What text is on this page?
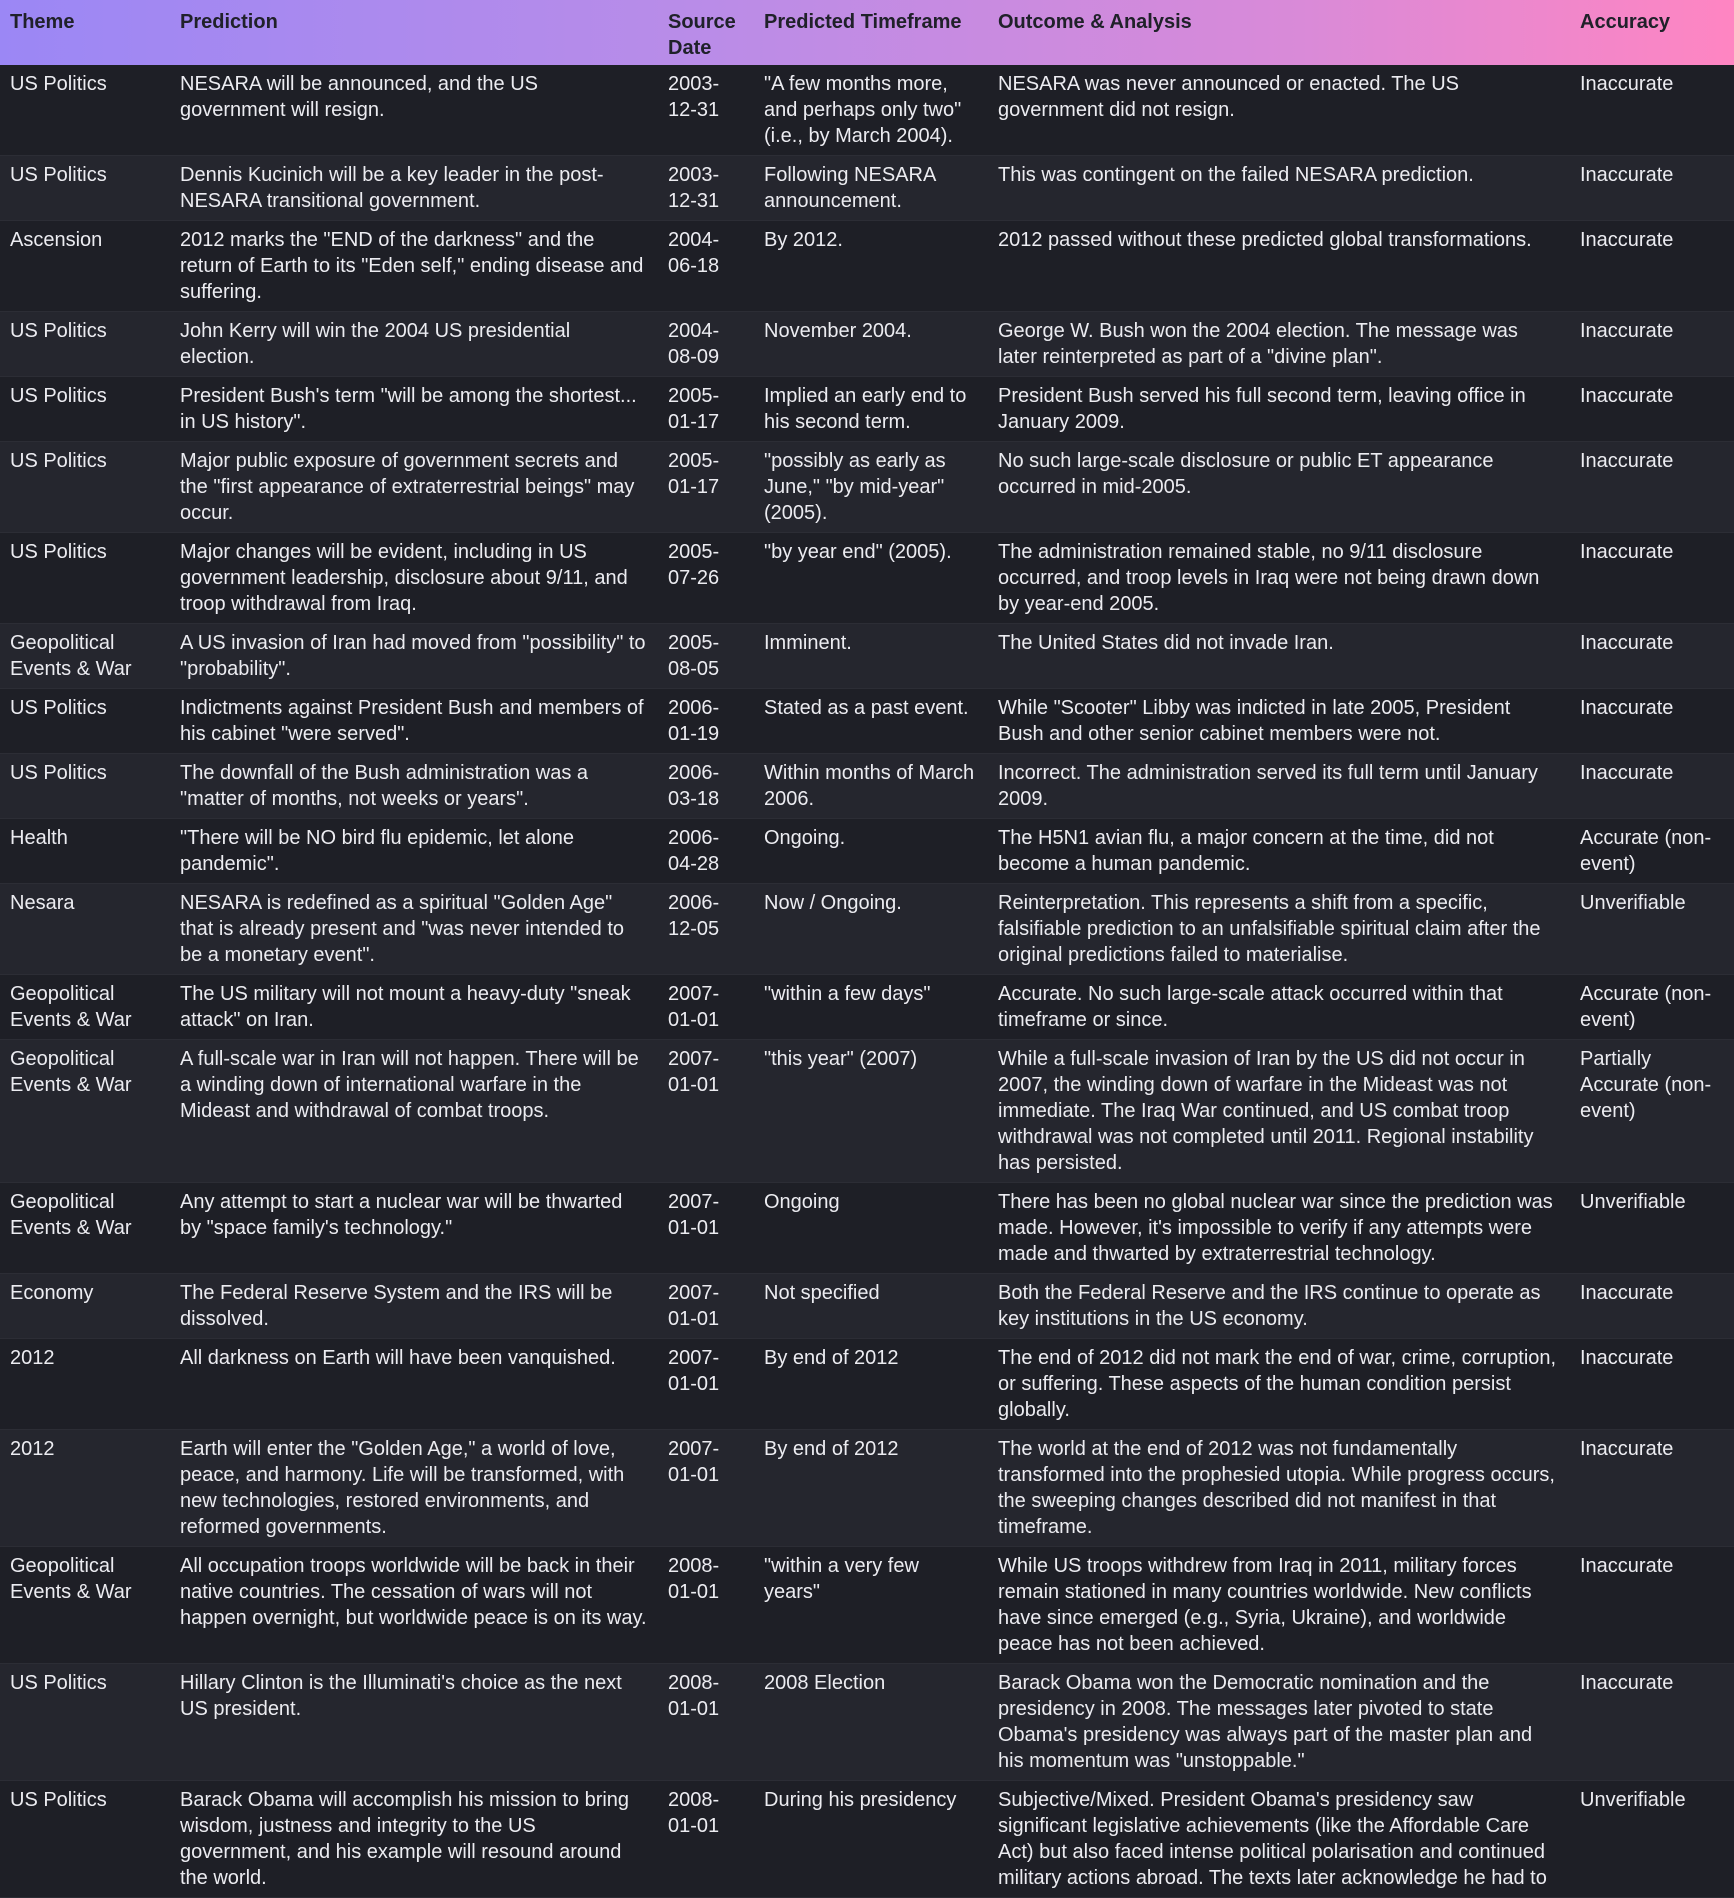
Theme	Prediction	Source Date	Predicted Timeframe	Outcome & Analysis	Accuracy
US Politics	NESARA will be announced, and the US government will resign.	2003-12-31	"A few months more, and perhaps only two" (i.e., by March 2004).	NESARA was never announced or enacted. The US government did not resign.	Inaccurate
US Politics	Dennis Kucinich will be a key leader in the post-NESARA transitional government.	2003-12-31	Following NESARA announcement.	This was contingent on the failed NESARA prediction.	Inaccurate
Ascension	2012 marks the "END of the darkness" and the return of Earth to its "Eden self," ending disease and suffering.	2004-06-18	By 2012.	2012 passed without these predicted global transformations.	Inaccurate
US Politics	John Kerry will win the 2004 US presidential election.	2004-08-09	November 2004.	George W. Bush won the 2004 election. The message was later reinterpreted as part of a "divine plan".	Inaccurate
US Politics	President Bush's term "will be among the shortest... in US history".	2005-01-17	Implied an early end to his second term.	President Bush served his full second term, leaving office in January 2009.	Inaccurate
US Politics	Major public exposure of government secrets and the "first appearance of extraterrestrial beings" may occur.	2005-01-17	"possibly as early as June," "by mid-year" (2005).	No such large-scale disclosure or public ET appearance occurred in mid-2005.	Inaccurate
US Politics	Major changes will be evident, including in US government leadership, disclosure about 9/11, and troop withdrawal from Iraq.	2005-07-26	"by year end" (2005).	The administration remained stable, no 9/11 disclosure occurred, and troop levels in Iraq were not being drawn down by year-end 2005.	Inaccurate
Geopolitical Events & War	A US invasion of Iran had moved from "possibility" to "probability".	2005-08-05	Imminent.	The United States did not invade Iran.	Inaccurate
US Politics	Indictments against President Bush and members of his cabinet "were served".	2006-01-19	Stated as a past event.	While "Scooter" Libby was indicted in late 2005, President Bush and other senior cabinet members were not.	Inaccurate
US Politics	The downfall of the Bush administration was a "matter of months, not weeks or years".	2006-03-18	Within months of March 2006.	Incorrect. The administration served its full term until January 2009.	Inaccurate
Health	"There will be NO bird flu epidemic, let alone pandemic".	2006-04-28	Ongoing.	The H5N1 avian flu, a major concern at the time, did not become a human pandemic.	Accurate (non-event)
Nesara	NESARA is redefined as a spiritual "Golden Age" that is already present and "was never intended to be a monetary event".	2006-12-05	Now / Ongoing.	Reinterpretation. This represents a shift from a specific, falsifiable prediction to an unfalsifiable spiritual claim after the original predictions failed to materialise.	Unverifiable
Geopolitical Events & War	The US military will not mount a heavy-duty "sneak attack" on Iran.	2007-01-01	"within a few days"	Accurate. No such large-scale attack occurred within that timeframe or since.	Accurate (non-event)
Geopolitical Events & War	A full-scale war in Iran will not happen. There will be a winding down of international warfare in the Mideast and withdrawal of combat troops.	2007-01-01	"this year" (2007)	While a full-scale invasion of Iran by the US did not occur in 2007, the winding down of warfare in the Mideast was not immediate. The Iraq War continued, and US combat troop withdrawal was not completed until 2011. Regional instability has persisted.	Partially Accurate (non-event)
Geopolitical Events & War	Any attempt to start a nuclear war will be thwarted by "space family's technology."	2007-01-01	Ongoing	There has been no global nuclear war since the prediction was made. However, it's impossible to verify if any attempts were made and thwarted by extraterrestrial technology.	Unverifiable
Economy	The Federal Reserve System and the IRS will be dissolved.	2007-01-01	Not specified	Both the Federal Reserve and the IRS continue to operate as key institutions in the US economy.	Inaccurate
2012	All darkness on Earth will have been vanquished.	2007-01-01	By end of 2012	The end of 2012 did not mark the end of war, crime, corruption, or suffering. These aspects of the human condition persist globally.	Inaccurate
2012	Earth will enter the "Golden Age," a world of love, peace, and harmony. Life will be transformed, with new technologies, restored environments, and reformed governments.	2007-01-01	By end of 2012	The world at the end of 2012 was not fundamentally transformed into the prophesied utopia. While progress occurs, the sweeping changes described did not manifest in that timeframe.	Inaccurate
Geopolitical Events & War	All occupation troops worldwide will be back in their native countries. The cessation of wars will not happen overnight, but worldwide peace is on its way.	2008-01-01	"within a very few years"	While US troops withdrew from Iraq in 2011, military forces remain stationed in many countries worldwide. New conflicts have since emerged (e.g., Syria, Ukraine), and worldwide peace has not been achieved.	Inaccurate
US Politics	Hillary Clinton is the Illuminati's choice as the next US president.	2008-01-01	2008 Election	Barack Obama won the Democratic nomination and the presidency in 2008. The messages later pivoted to state Obama's presidency was always part of the master plan and his momentum was "unstoppable."	Inaccurate
US Politics	Barack Obama will accomplish his mission to bring wisdom, justness and integrity to the US government, and his example will resound around the world.	2008-01-01	During his presidency	Subjective/Mixed. President Obama's presidency saw significant legislative achievements (like the Affordable Care Act) but also faced intense political polarisation and continued military actions abroad. The texts later acknowledge he had to	Unverifiable
